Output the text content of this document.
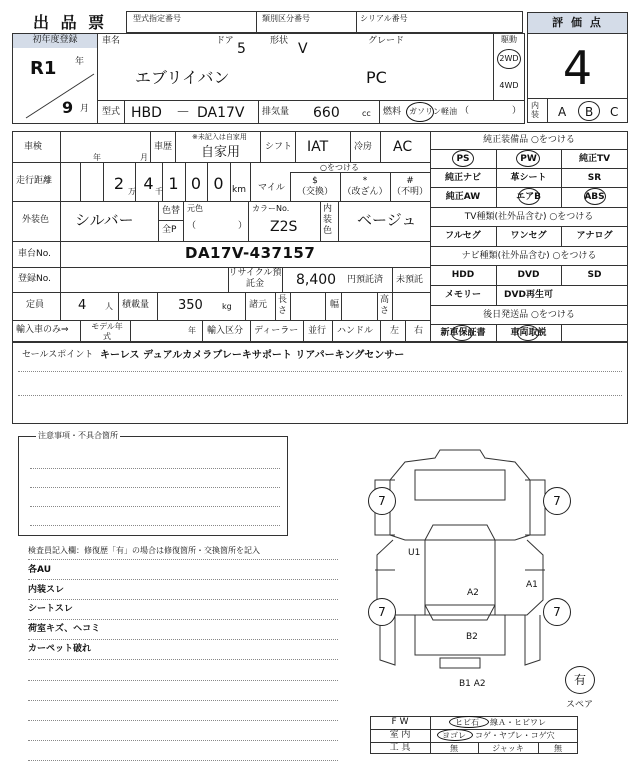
出 品 票	型式指定番号	類別区分番号	シリアル番号	評 価 点
4
初年度登録
R1 年
9 月
車名	ドア 5	形状 V	グレード
エブリイバン	PC
駆動
2WD
4WD
型式 HBD － DA17V 排気量 660	cc 燃料 ガソリン 軽油 （	）
内装 A B C
車検
年	月
車歴
※未記入は自家用
自家用	シフト IAT	冷房 AC
走行距離	2 万 4 千 1 0 0 km マイル
○をつける
$
（交換）
*
（改ざん）
#
（不明）
外装色 シルバー	色替
全P
元色
（	）
カラーNo.
Z2S
内装色
ベージュ
車台No.	DA17V-437157
登録No.
リサイクル預託金	8,400 円預託済 未預託
定員	4 人 積載量 350 kg 諸元 長さ
幅	高さ
輸入車のみ⇒	モデル年式
年 輸入区分 ディーラー 並行 ハンドル 左 右
純正装備品 ○をつける
PS	PW	純正TV
純正ナビ	革シート	SR
純正AW	エアB	ABS
TV種類(社外品含む) ○をつける
フルセグ	ワンセグ	アナログ
ナビ種類(社外品含む) ○をつける
HDD	DVD	SD
メモリー	DVD再生可
後日発送品 ○をつける
新車保証書	車両取説
セールスポイント キーレス デュアルカメラブレーキサポート リアパーキングセンサー
注意事項・不具合箇所
検査員記入欄：修復歴「有」の場合は修復箇所・交換箇所を記入
各AU
内装スレ
シートスレ
荷室キズ、ヘコミ
カーペット破れ
7	7
7	7
U1
A2
A1
B2
B1 A2	有
スペア
F W	ヒビ石 線Ａ・ヒビワレ
室 内	ヨゴレ コゲ・ヤブレ・コゲ穴
工 具	無	ジャッキ	無
